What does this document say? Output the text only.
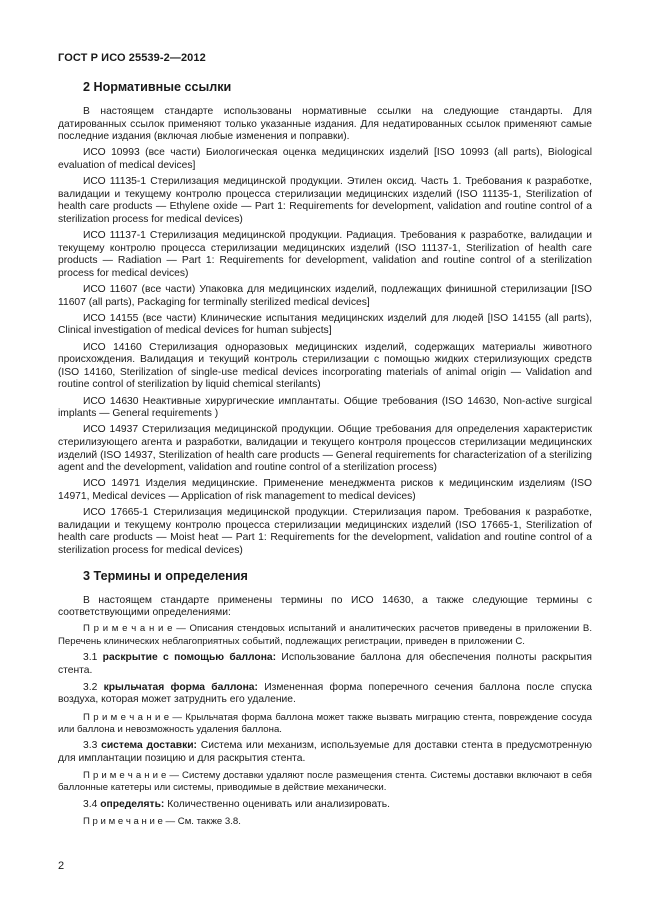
ГОСТ Р ИСО 25539-2—2012
2 Нормативные ссылки

В настоящем стандарте использованы нормативные ссылки на следующие стандарты. Для датированных ссылок применяют только указанные издания. Для недатированных ссылок применяют самые последние издания (включая любые изменения и поправки).

ИСО 10993 (все части) Биологическая оценка медицинских изделий [ISO 10993 (all parts), Biological evaluation of medical devices]

ИСО 11135-1 Стерилизация медицинской продукции. Этилен оксид. Часть 1. Требования к разработке, валидации и текущему контролю процесса стерилизации медицинских изделий (ISO 11135-1, Sterilization of health care products — Ethylene oxide — Part 1: Requirements for development, validation and routine control of a sterilization process for medical devices)

ИСО 11137-1 Стерилизация медицинской продукции. Радиация. Требования к разработке, валидации и текущему контролю процесса стерилизации медицинских изделий (ISO 11137-1, Sterilization of health care products — Radiation — Part 1: Requirements for development, validation and routine control of a sterilization process for medical devices)

ИСО 11607 (все части) Упаковка для медицинских изделий, подлежащих финишной стерилизации [ISO 11607 (all parts), Packaging for terminally sterilized medical devices]

ИСО 14155 (все части) Клинические испытания медицинских изделий для людей [ISO 14155 (all parts), Clinical investigation of medical devices for human subjects]

ИСО 14160 Стерилизация одноразовых медицинских изделий, содержащих материалы животного происхождения. Валидация и текущий контроль стерилизации с помощью жидких стерилизующих средств (ISO 14160, Sterilization of single-use medical devices incorporating materials of animal origin — Validation and routine control of sterilization by liquid chemical sterilants)

ИСО 14630 Неактивные хирургические имплантаты. Общие требования (ISO 14630, Non-active surgical implants — General requirements )

ИСО 14937 Стерилизация медицинской продукции. Общие требования для определения характеристик стерилизующего агента и разработки, валидации и текущего контроля процессов стерилизации медицинских изделий (ISO 14937, Sterilization of health care products — General requirements for characterization of a sterilizing agent and the development, validation and routine control of a sterilization process)

ИСО 14971 Изделия медицинские. Применение менеджмента рисков к медицинским изделиям (ISO 14971, Medical devices — Application of risk management to medical devices)

ИСО 17665-1 Стерилизация медицинской продукции. Стерилизация паром. Требования к разработке, валидации и текущему контролю процесса стерилизации медицинских изделий (ISO 17665-1, Sterilization of health care products — Moist heat — Part 1: Requirements for the development, validation and routine control of a sterilization process for medical devices)

3 Термины и определения

В настоящем стандарте применены термины по ИСО 14630, а также следующие термины с соответствующими определениями:

П р и м е ч а н и е — Описания стендовых испытаний и аналитических расчетов приведены в приложении В. Перечень клинических неблагоприятных событий, подлежащих регистрации, приведен в приложении С.

3.1 раскрытие с помощью баллона: Использование баллона для обеспечения полноты раскрытия стента.

3.2 крыльчатая форма баллона: Измененная форма поперечного сечения баллона после спуска воздуха, которая может затруднить его удаление.

П р и м е ч а н и е — Крыльчатая форма баллона может также вызвать миграцию стента, повреждение сосуда или баллона и невозможность удаления баллона.

3.3 система доставки: Система или механизм, используемые для доставки стента в предусмотренную для имплантации позицию и для раскрытия стента.

П р и м е ч а н и е — Систему доставки удаляют после размещения стента. Системы доставки включают в себя баллонные катетеры или системы, приводимые в действие механически.

3.4 определять: Количественно оценивать или анализировать.

П р и м е ч а н и е — См. также 3.8.

2
